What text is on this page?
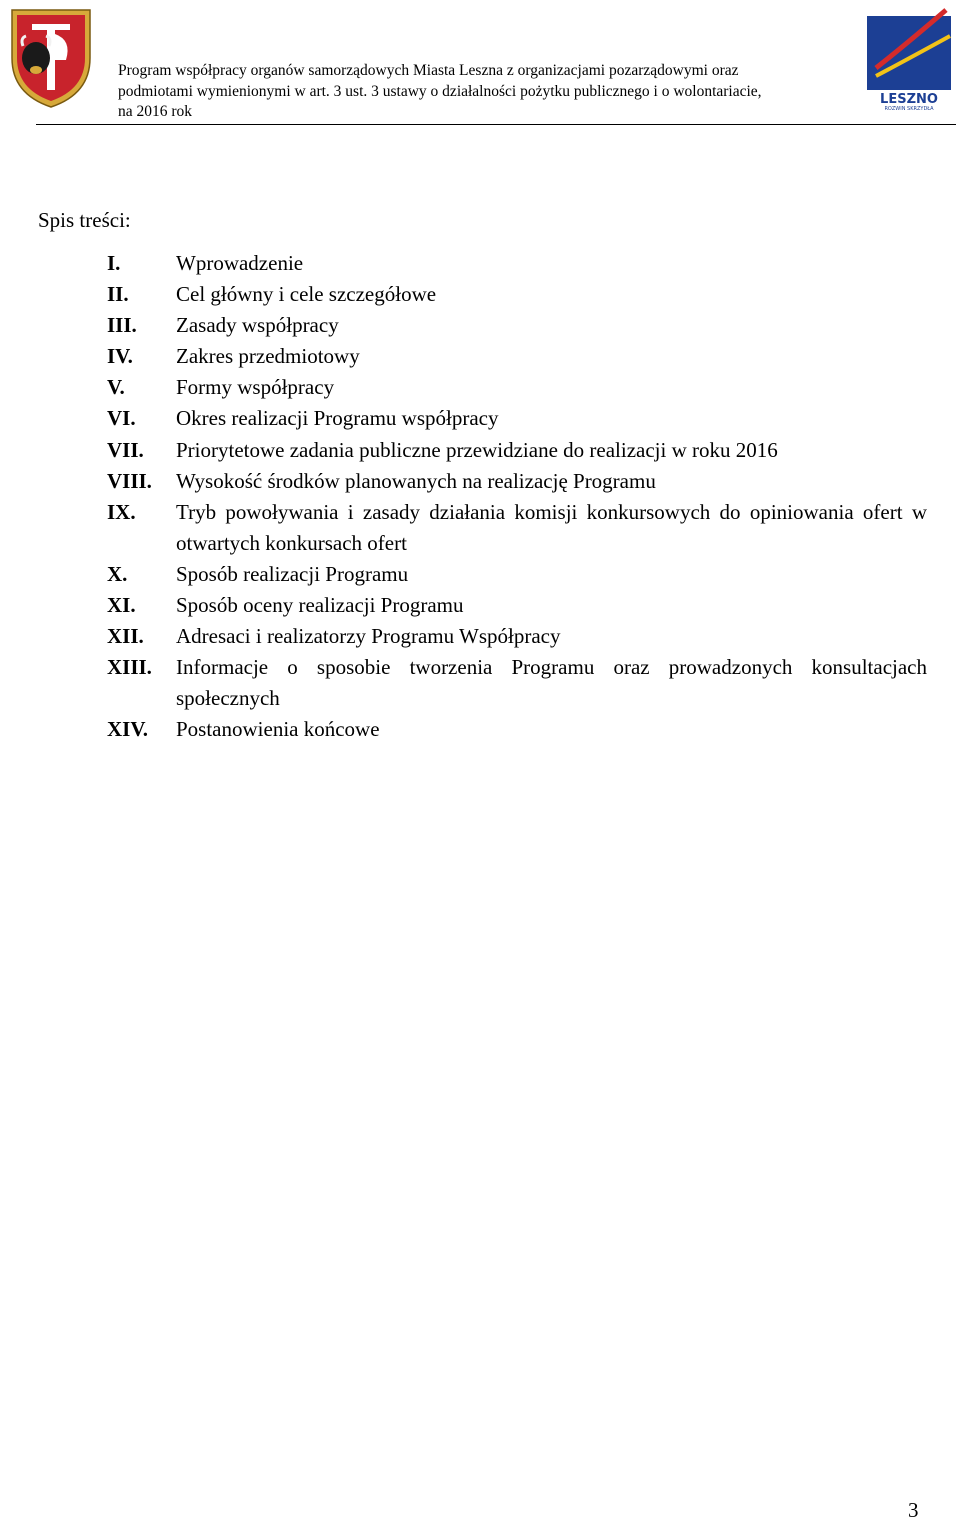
Program współpracy organów samorządowych Miasta Leszna z organizacjami pozarządowymi oraz
podmiotami wymienionymi w art. 3 ust. 3 ustawy o działalności pożytku publicznego i o wolontariacie,
na 2016 rok
LESZNO
ROZWIN SKRZYDŁA
Spis treści:
I.	Wprowadzenie
II.	Cel główny i cele szczegółowe
III.	Zasady współpracy
IV.	Zakres przedmiotowy
V.	Formy współpracy
VI.	Okres realizacji Programu współpracy
VII.	Priorytetowe zadania publiczne przewidziane do realizacji w roku 2016
VIII.	Wysokość środków planowanych na realizację Programu
IX.	Tryb powoływania i zasady działania komisji konkursowych do opiniowania ofert w otwartych konkursach ofert
X.	Sposób realizacji Programu
XI.	Sposób oceny realizacji Programu
XII.	Adresaci i realizatorzy Programu Współpracy
XIII.	Informacje o sposobie tworzenia Programu oraz prowadzonych konsultacjach społecznych
XIV.	Postanowienia końcowe
3
